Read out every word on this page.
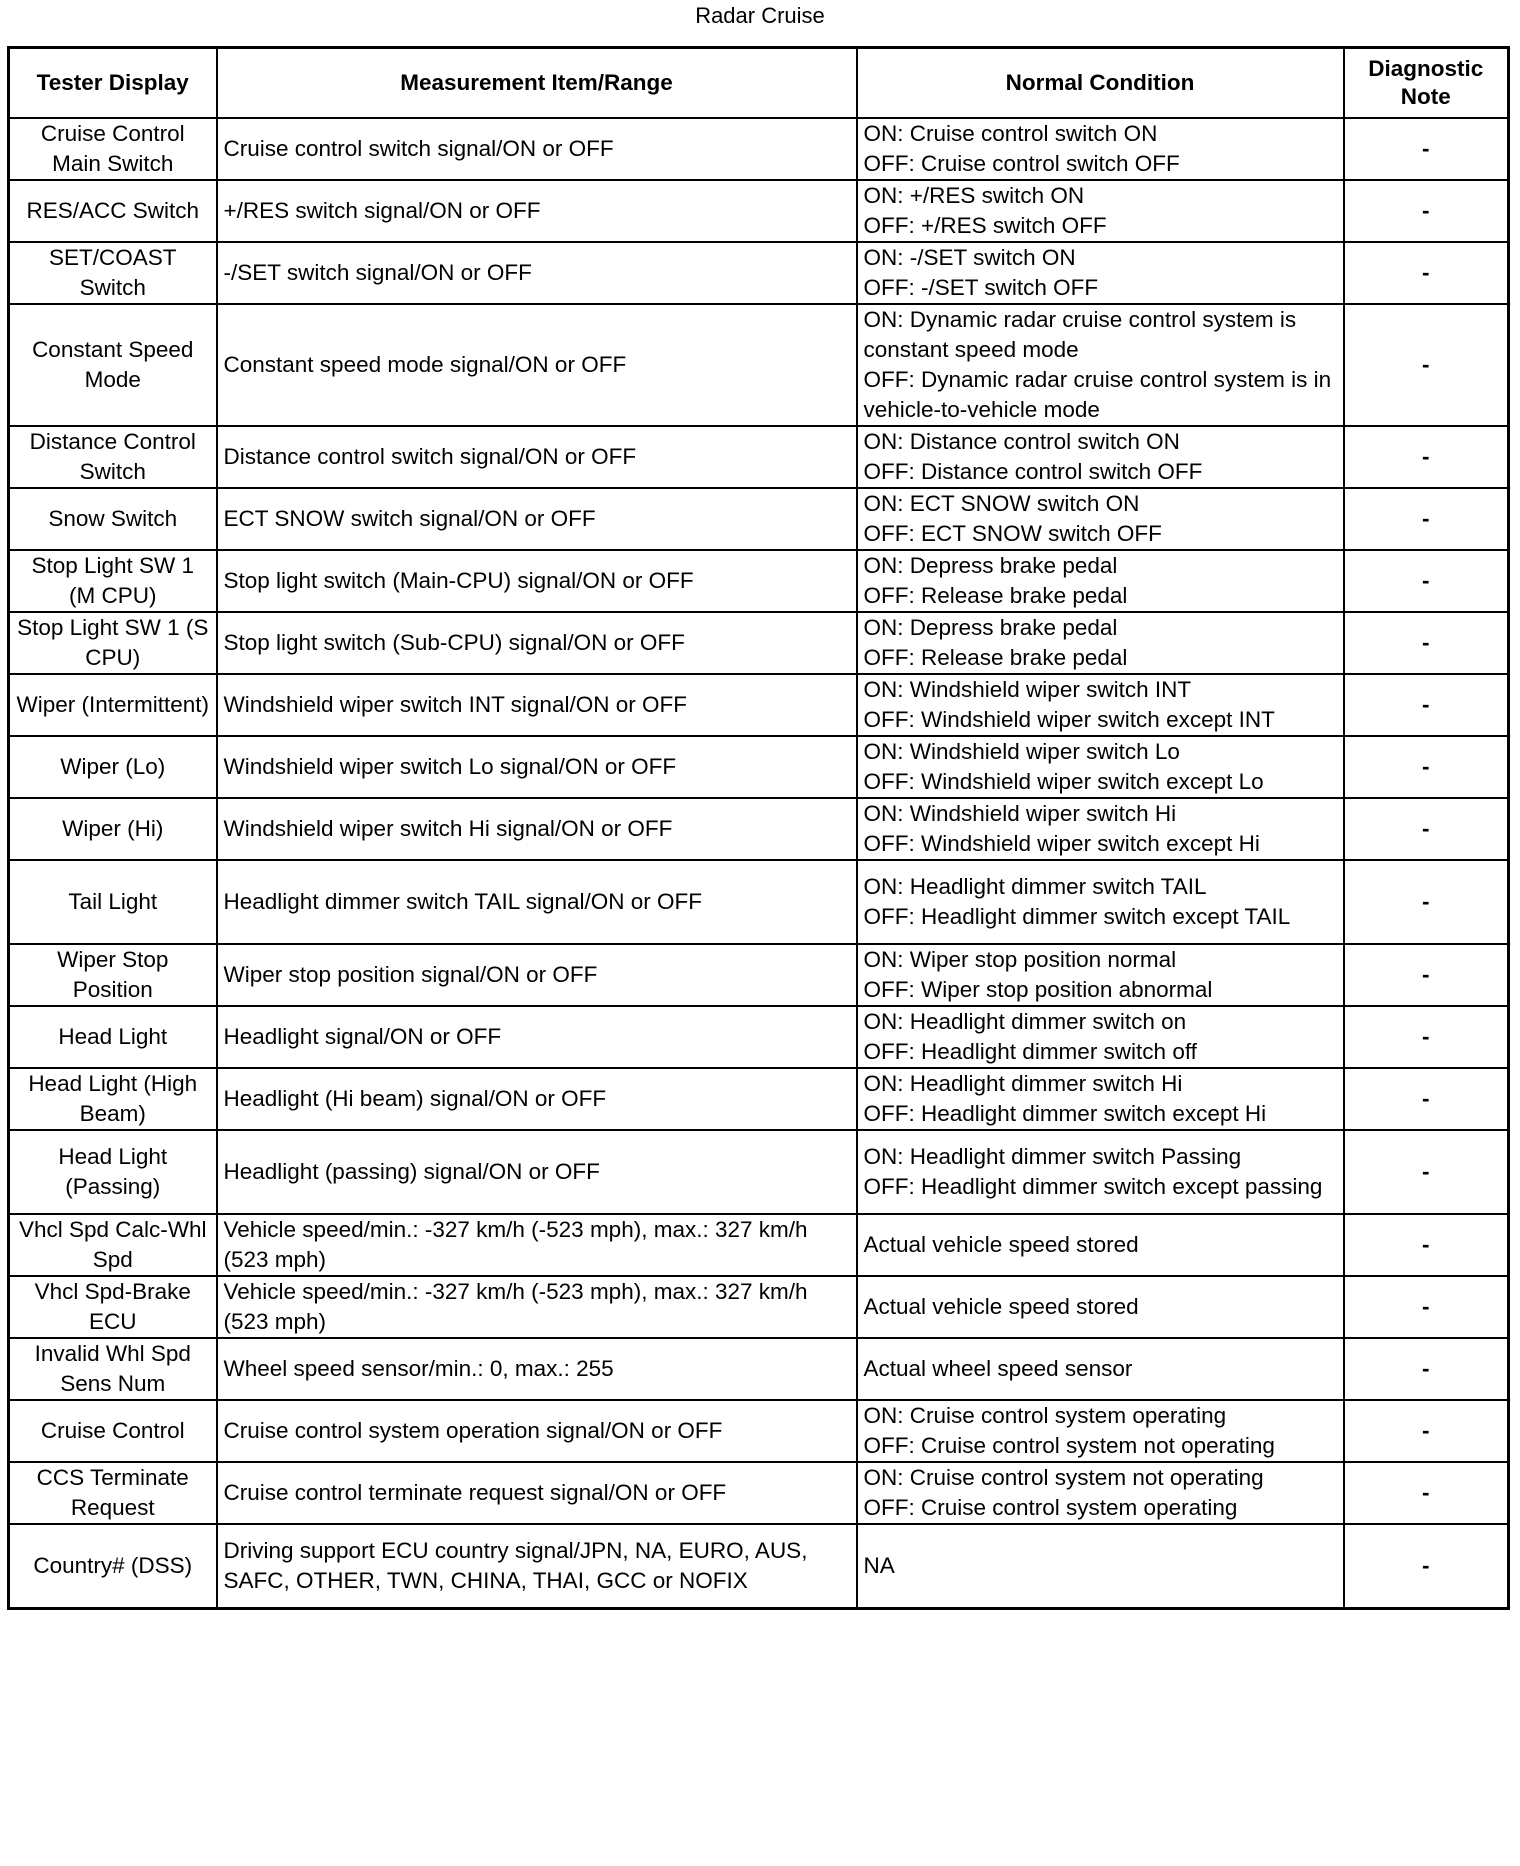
Radar Cruise
Tester Display	Measurement Item/Range	Normal Condition	Diagnostic Note
Cruise Control Main Switch	Cruise control switch signal/ON or OFF	ON: Cruise control switch ON
OFF: Cruise control switch OFF	-
RES/ACC Switch	+/RES switch signal/ON or OFF	ON: +/RES switch ON
OFF: +/RES switch OFF	-
SET/COAST Switch	-/SET switch signal/ON or OFF	ON: -/SET switch ON
OFF: -/SET switch OFF	-
Constant Speed Mode	Constant speed mode signal/ON or OFF	ON: Dynamic radar cruise control system is constant speed mode
OFF: Dynamic radar cruise control system is in vehicle-to-vehicle mode	-
Distance Control Switch	Distance control switch signal/ON or OFF	ON: Distance control switch ON
OFF: Distance control switch OFF	-
Snow Switch	ECT SNOW switch signal/ON or OFF	ON: ECT SNOW switch ON
OFF: ECT SNOW switch OFF	-
Stop Light SW 1 (M CPU)	Stop light switch (Main-CPU) signal/ON or OFF	ON: Depress brake pedal
OFF: Release brake pedal	-
Stop Light SW 1 (S CPU)	Stop light switch (Sub-CPU) signal/ON or OFF	ON: Depress brake pedal
OFF: Release brake pedal	-
Wiper (Intermittent)	Windshield wiper switch INT signal/ON or OFF	ON: Windshield wiper switch INT
OFF: Windshield wiper switch except INT	-
Wiper (Lo)	Windshield wiper switch Lo signal/ON or OFF	ON: Windshield wiper switch Lo
OFF: Windshield wiper switch except Lo	-
Wiper (Hi)	Windshield wiper switch Hi signal/ON or OFF	ON: Windshield wiper switch Hi
OFF: Windshield wiper switch except Hi	-
Tail Light	Headlight dimmer switch TAIL signal/ON or OFF	ON: Headlight dimmer switch TAIL
OFF: Headlight dimmer switch except TAIL	-
Wiper Stop Position	Wiper stop position signal/ON or OFF	ON: Wiper stop position normal
OFF: Wiper stop position abnormal	-
Head Light	Headlight signal/ON or OFF	ON: Headlight dimmer switch on
OFF: Headlight dimmer switch off	-
Head Light (High Beam)	Headlight (Hi beam) signal/ON or OFF	ON: Headlight dimmer switch Hi
OFF: Headlight dimmer switch except Hi	-
Head Light (Passing)	Headlight (passing) signal/ON or OFF	ON: Headlight dimmer switch Passing
OFF: Headlight dimmer switch except passing	-
Vhcl Spd Calc-Whl Spd	Vehicle speed/min.: -327 km/h (-523 mph), max.: 327 km/h (523 mph)	Actual vehicle speed stored	-
Vhcl Spd-Brake ECU	Vehicle speed/min.: -327 km/h (-523 mph), max.: 327 km/h (523 mph)	Actual vehicle speed stored	-
Invalid Whl Spd Sens Num	Wheel speed sensor/min.: 0, max.: 255	Actual wheel speed sensor	-
Cruise Control	Cruise control system operation signal/ON or OFF	ON: Cruise control system operating
OFF: Cruise control system not operating	-
CCS Terminate Request	Cruise control terminate request signal/ON or OFF	ON: Cruise control system not operating
OFF: Cruise control system operating	-
Country# (DSS)	Driving support ECU country signal/JPN, NA, EURO, AUS, SAFC, OTHER, TWN, CHINA, THAI, GCC or NOFIX	NA	-
